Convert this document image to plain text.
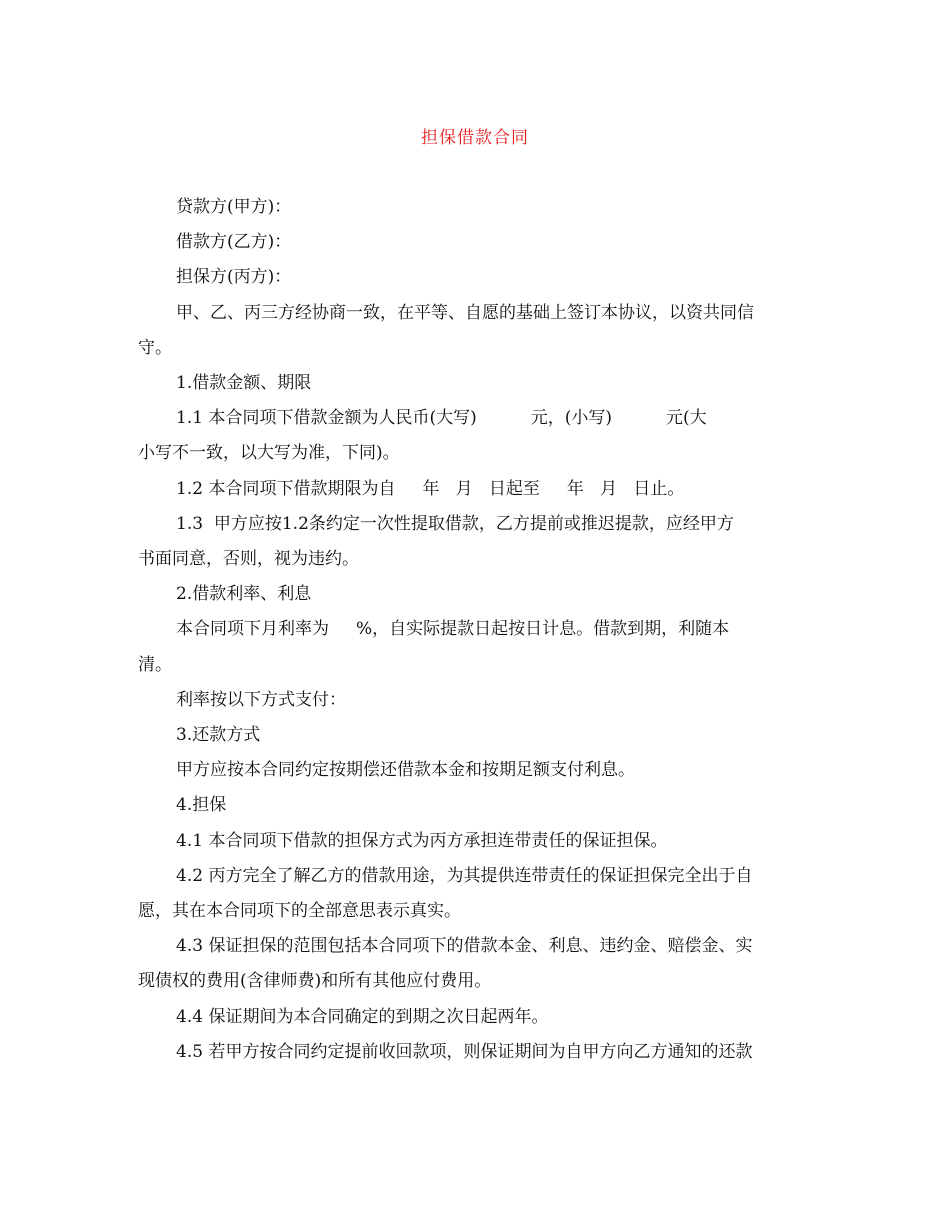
担保借款合同

贷款方(甲方)：

借款方(乙方)：

担保方(丙方)：

甲、乙、丙三方经协商一致，在平等、自愿的基础上签订本协议，以资共同信

守。

1.借款金额、期限

1.1 本合同项下借款金额为人民币(大写)          元，(小写)          元(大

小写不一致，以大写为准，下同)。

1.2 本合同项下借款期限为自     年   月   日起至     年   月   日止。

1.3  甲方应按1.2条约定一次性提取借款，乙方提前或推迟提款，应经甲方

书面同意，否则，视为违约。

2.借款利率、利息

本合同项下月利率为     %，自实际提款日起按日计息。借款到期，利随本

清。

利率按以下方式支付：

3.还款方式

甲方应按本合同约定按期偿还借款本金和按期足额支付利息。

4.担保

4.1 本合同项下借款的担保方式为丙方承担连带责任的保证担保。

4.2 丙方完全了解乙方的借款用途，为其提供连带责任的保证担保完全出于自

愿，其在本合同项下的全部意思表示真实。

4.3 保证担保的范围包括本合同项下的借款本金、利息、违约金、赔偿金、实

现债权的费用(含律师费)和所有其他应付费用。

4.4 保证期间为本合同确定的到期之次日起两年。

4.5 若甲方按合同约定提前收回款项，则保证期间为自甲方向乙方通知的还款
